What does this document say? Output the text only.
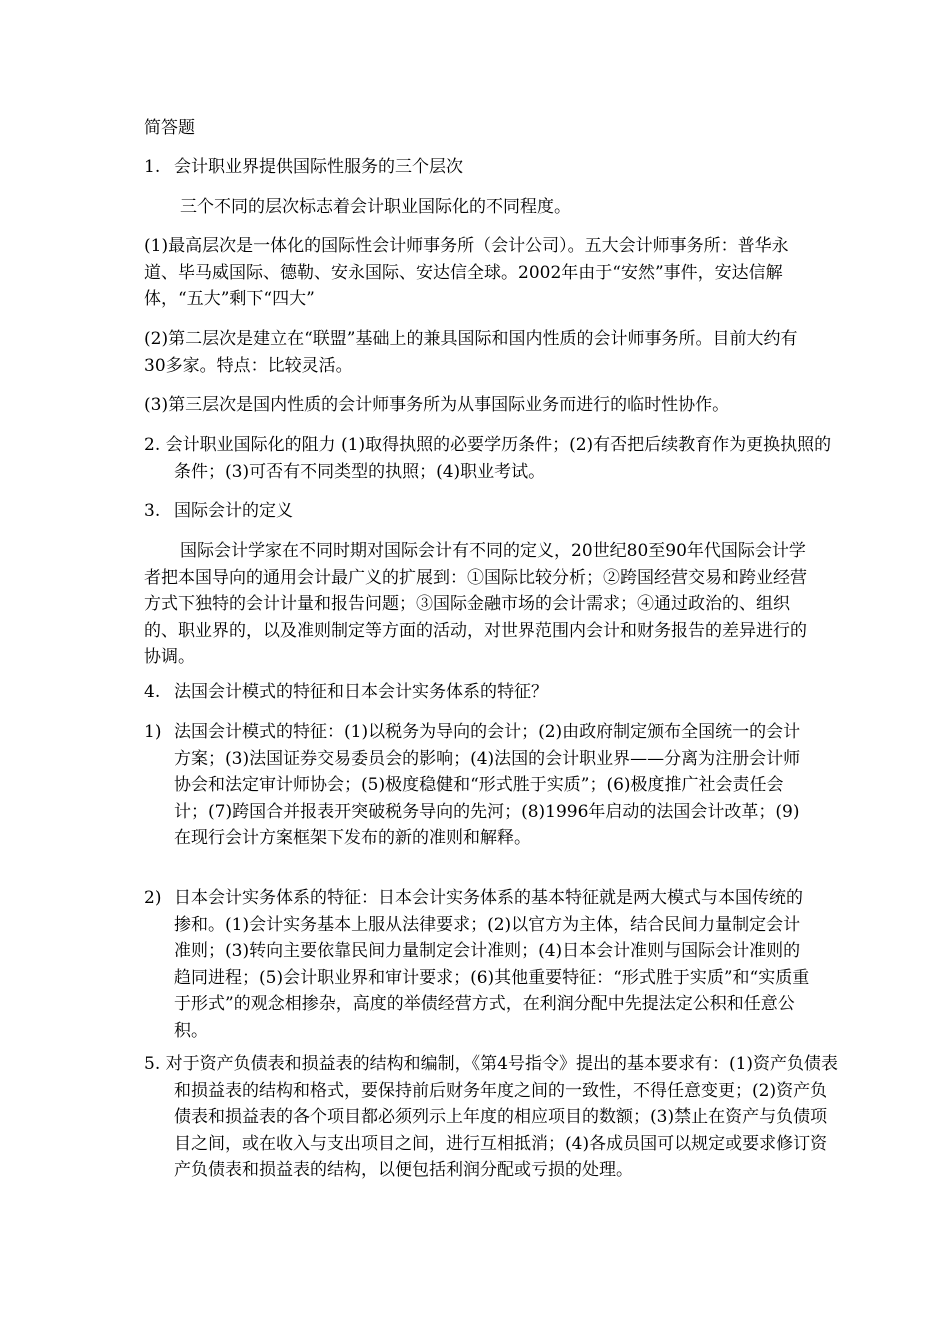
简答题

1. 会计职业界提供国际性服务的三个层次

三个不同的层次标志着会计职业国际化的不同程度。

(1)最高层次是一体化的国际性会计师事务所（会计公司）。五大会计师事务所：普华永道、毕马威国际、德勒、安永国际、安达信全球。2002年由于“安然”事件，安达信解体，“五大”剩下“四大”

(2)第二层次是建立在“联盟”基础上的兼具国际和国内性质的会计师事务所。目前大约有30多家。特点：比较灵活。

(3)第三层次是国内性质的会计师事务所为从事国际业务而进行的临时性协作。

2. 会计职业国际化的阻力 (1)取得执照的必要学历条件；(2)有否把后续教育作为更换执照的条件；(3)可否有不同类型的执照；(4)职业考试。

3. 国际会计的定义

国际会计学家在不同时期对国际会计有不同的定义，20世纪80至90年代国际会计学者把本国导向的通用会计最广义的扩展到：①国际比较分析；②跨国经营交易和跨业经营方式下独特的会计计量和报告问题；③国际金融市场的会计需求；④通过政治的、组织的、职业界的，以及准则制定等方面的活动，对世界范围内会计和财务报告的差异进行的协调。

4. 法国会计模式的特征和日本会计实务体系的特征？
1) 法国会计模式的特征：(1)以税务为导向的会计；(2)由政府制定颁布全国统一的会计方案；(3)法国证券交易委员会的影响；(4)法国的会计职业界——分离为注册会计师协会和法定审计师协会；(5)极度稳健和“形式胜于实质”；(6)极度推广社会责任会计；(7)跨国合并报表开突破税务导向的先河；(8)1996年启动的法国会计改革；(9)在现行会计方案框架下发布的新的准则和解释。
2) 日本会计实务体系的特征：日本会计实务体系的基本特征就是两大模式与本国传统的掺和。(1)会计实务基本上服从法律要求；(2)以官方为主体，结合民间力量制定会计准则；(3)转向主要依靠民间力量制定会计准则；(4)日本会计准则与国际会计准则的趋同进程；(5)会计职业界和审计要求；(6)其他重要特征：“形式胜于实质”和“实质重于形式”的观念相掺杂，高度的举债经营方式，在利润分配中先提法定公积和任意公积。

5. 对于资产负债表和损益表的结构和编制，《第4号指令》提出的基本要求有：(1)资产负债表和损益表的结构和格式，要保持前后财务年度之间的一致性，不得任意变更；(2)资产负债表和损益表的各个项目都必须列示上年度的相应项目的数额；(3)禁止在资产与负债项目之间，或在收入与支出项目之间，进行互相抵消；(4)各成员国可以规定或要求修订资产负债表和损益表的结构，以便包括利润分配或亏损的处理。
